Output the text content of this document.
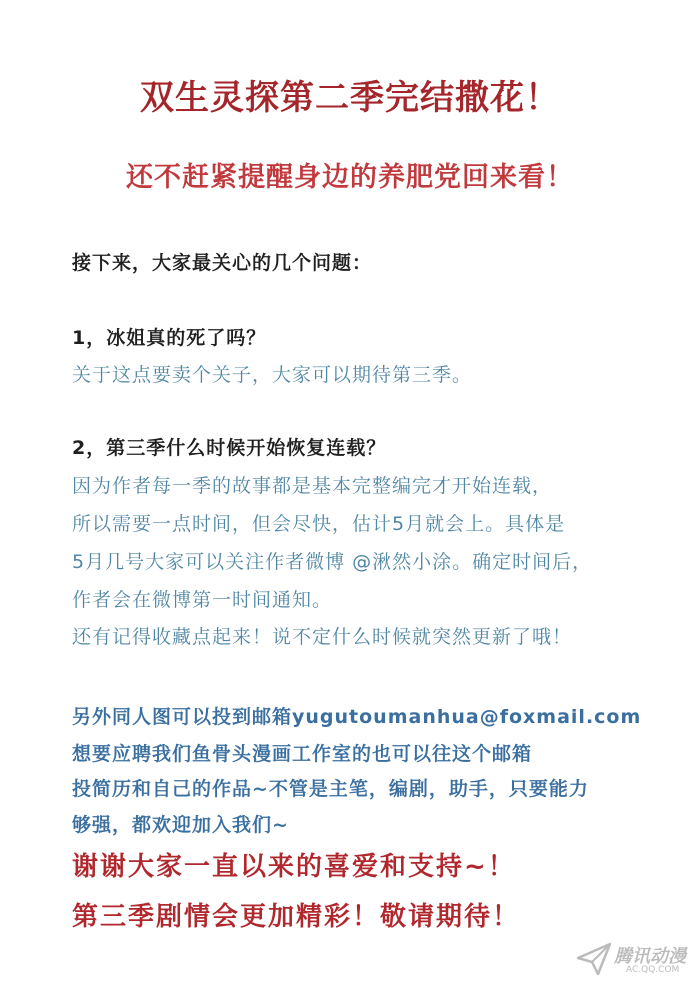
双生灵探第二季完结撒花！
还不赶紧提醒身边的养肥党回来看！
接下来，大家最关心的几个问题：
1，冰姐真的死了吗？
关于这点要卖个关子，大家可以期待第三季。
2，第三季什么时候开始恢复连载？
因为作者每一季的故事都是基本完整编完才开始连载，
所以需要一点时间，但会尽快，估计5月就会上。具体是
5月几号大家可以关注作者微博 @湫然小涂。确定时间后，
作者会在微博第一时间通知。
还有记得收藏点起来！说不定什么时候就突然更新了哦！
另外同人图可以投到邮箱yugutoumanhua@foxmail.com
想要应聘我们鱼骨头漫画工作室的也可以往这个邮箱
投简历和自己的作品~不管是主笔，编剧，助手，只要能力
够强，都欢迎加入我们~
谢谢大家一直以来的喜爱和支持~！
第三季剧情会更加精彩！敬请期待！
腾讯动漫
AC.QQ.COM
